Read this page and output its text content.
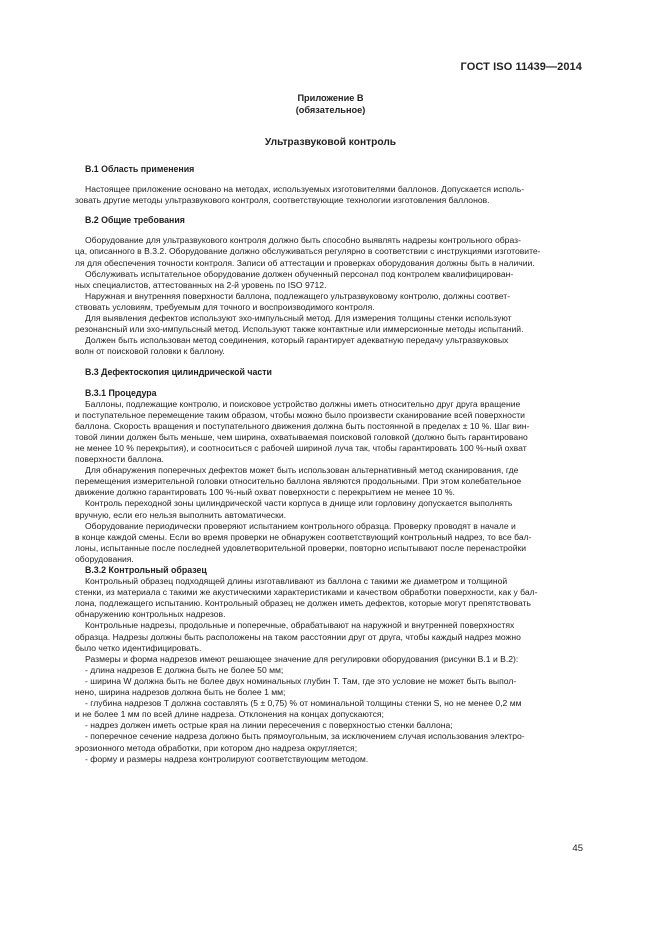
ГОСТ ISO 11439—2014
Приложение В
(обязательное)
Ультразвуковой контроль
В.1 Область применения
Настоящее приложение основано на методах, используемых изготовителями баллонов. Допускается исполь-
зовать другие методы ультразвукового контроля, соответствующие технологии изготовления баллонов.
В.2 Общие требования
Оборудование для ультразвукового контроля должно быть способно выявлять надрезы контрольного образ-
ца, описанного в В.3.2. Оборудование должно обслуживаться регулярно в соответствии с инструкциями изготовите-
ля для обеспечения точности контроля. Записи об аттестации и проверках оборудования должны быть в наличии.
Обслуживать испытательное оборудование должен обученный персонал под контролем квалифицирован-
ных специалистов, аттестованных на 2-й уровень по ISO 9712.
Наружная и внутренняя поверхности баллона, подлежащего ультразвуковому контролю, должны соответ-
ствовать условиям, требуемым для точного и воспроизводимого контроля.
Для выявления дефектов используют эхо-импульсный метод. Для измерения толщины стенки используют
резонансный или эхо-импульсный метод. Используют также контактные или иммерсионные методы испытаний.
Должен быть использован метод соединения, который гарантирует адекватную передачу ультразвуковых
волн от поисковой головки к баллону.
В.3 Дефектоскопия цилиндрической части
В.3.1 Процедура
Баллоны, подлежащие контролю, и поисковое устройство должны иметь относительно друг друга вращение
и поступательное перемещение таким образом, чтобы можно было произвести сканирование всей поверхности
баллона. Скорость вращения и поступательного движения должна быть постоянной в пределах ± 10 %. Шаг вин-
товой линии должен быть меньше, чем ширина, охватываемая поисковой головкой (должно быть гарантировано
не менее 10 % перекрытия), и соотноситься с рабочей шириной луча так, чтобы гарантировать 100 %-ный охват
поверхности баллона.
Для обнаружения поперечных дефектов может быть использован альтернативный метод сканирования, где
перемещения измерительной головки относительно баллона являются продольными. При этом колебательное
движение должно гарантировать 100 %-ный охват поверхности с перекрытием не менее 10 %.
Контроль переходной зоны цилиндрической части корпуса в днище или горловину допускается выполнять
вручную, если его нельзя выполнить автоматически.
Оборудование периодически проверяют испытанием контрольного образца. Проверку проводят в начале и
в конце каждой смены. Если во время проверки не обнаружен соответствующий контрольный надрез, то все бал-
лоны, испытанные после последней удовлетворительной проверки, повторно испытывают после перенастройки
оборудования.
В.3.2 Контрольный образец
Контрольный образец подходящей длины изготавливают из баллона с такими же диаметром и толщиной
стенки, из материала с такими же акустическими характеристиками и качеством обработки поверхности, как у бал-
лона, подлежащего испытанию. Контрольный образец не должен иметь дефектов, которые могут препятствовать
обнаружению контрольных надрезов.
Контрольные надрезы, продольные и поперечные, обрабатывают на наружной и внутренней поверхностях
образца. Надрезы должны быть расположены на таком расстоянии друг от друга, чтобы каждый надрез можно
было четко идентифицировать.
Размеры и форма надрезов имеют решающее значение для регулировки оборудования (рисунки В.1 и В.2):
- длина надрезов E должна быть не более 50 мм;
- ширина W должна быть не более двух номинальных глубин T. Там, где это условие не может быть выпол-
нено, ширина надрезов должна быть не более 1 мм;
- глубина надрезов T должна составлять (5 ± 0,75) % от номинальной толщины стенки S, но не менее 0,2 мм
и не более 1 мм по всей длине надреза. Отклонения на концах допускаются;
- надрез должен иметь острые края на линии пересечения с поверхностью стенки баллона;
- поперечное сечение надреза должно быть прямоугольным, за исключением случая использования электро-
эрозионного метода обработки, при котором дно надреза округляется;
- форму и размеры надреза контролируют соответствующим методом.
45
